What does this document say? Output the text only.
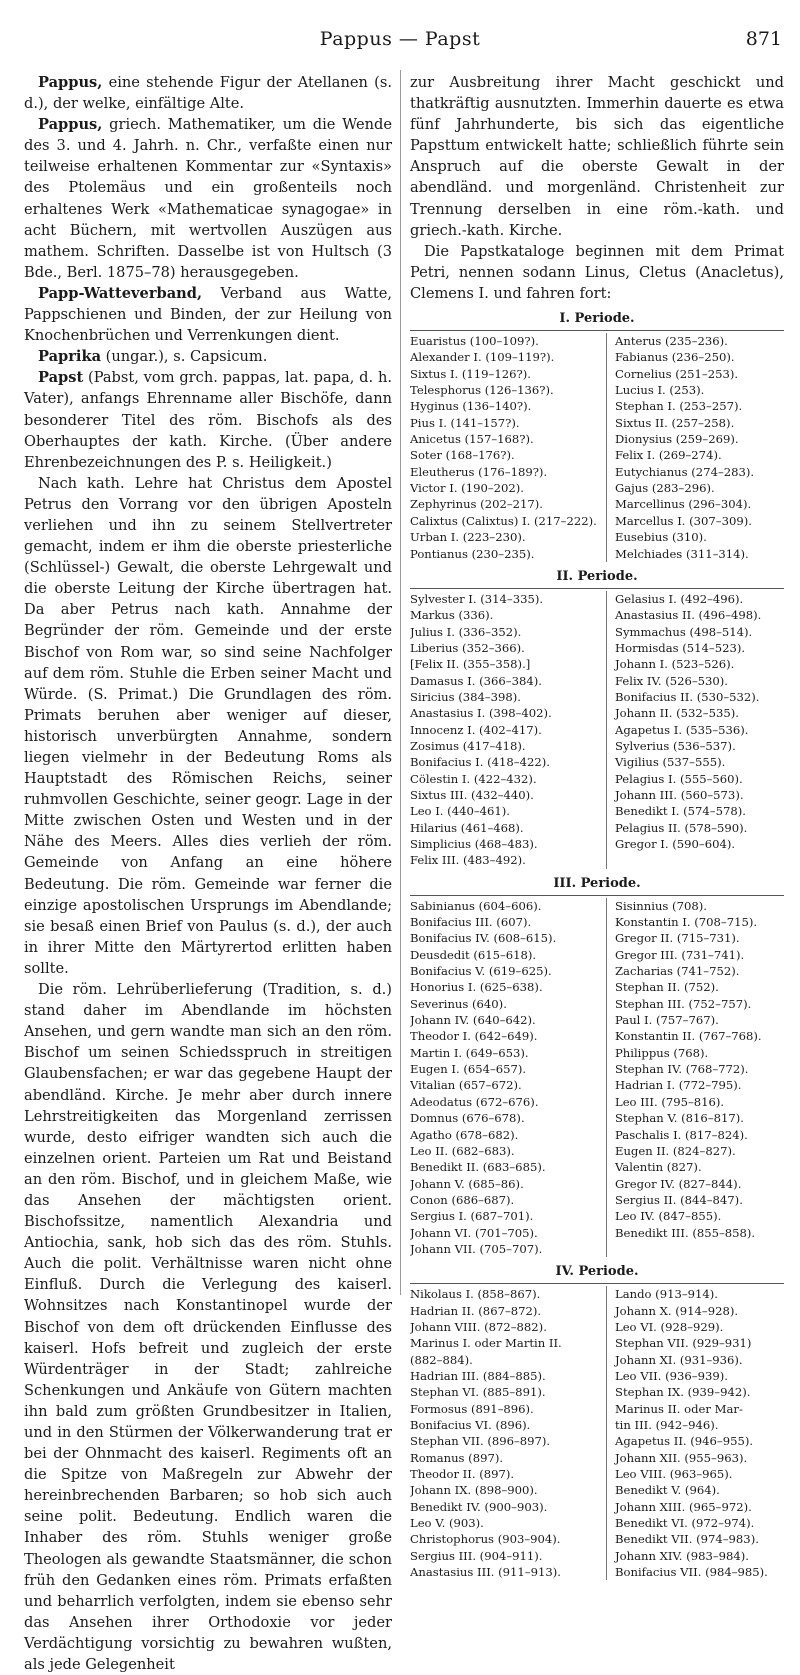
Pappus — Papst	871

Pappus, eine stehende Figur der Atellanen (s. d.), der welke, einfältige Alte.

Pappus, griech. Mathematiker, um die Wende des 3. und 4. Jahrh. n. Chr., verfaßte einen nur teilweise erhaltenen Kommentar zur «Syntaxis» des Ptolemäus und ein großenteils noch erhaltenes Werk «Mathematicae synagogae» in acht Büchern, mit wertvollen Auszügen aus mathem. Schriften. Dasselbe ist von Hultsch (3 Bde., Berl. 1875–78) herausgegeben.

Papp-Watteverband, Verband aus Watte, Pappschienen und Binden, der zur Heilung von Knochenbrüchen und Verrenkungen dient.

Paprika (ungar.), s. Capsicum.

Papst (Pabst, vom grch. pappas, lat. papa, d. h. Vater), anfangs Ehrenname aller Bischöfe, dann besonderer Titel des röm. Bischofs als des Oberhauptes der kath. Kirche. (Über andere Ehrenbezeichnungen des P. s. Heiligkeit.)

Nach kath. Lehre hat Christus dem Apostel Petrus den Vorrang vor den übrigen Aposteln verliehen und ihn zu seinem Stellvertreter gemacht, indem er ihm die oberste priesterliche (Schlüssel-) Gewalt, die oberste Lehrgewalt und die oberste Leitung der Kirche übertragen hat. Da aber Petrus nach kath. Annahme der Begründer der röm. Gemeinde und der erste Bischof von Rom war, so sind seine Nachfolger auf dem röm. Stuhle die Erben seiner Macht und Würde. (S. Primat.) Die Grundlagen des röm. Primats beruhen aber weniger auf dieser, historisch unverbürgten Annahme, sondern liegen vielmehr in der Bedeutung Roms als Hauptstadt des Römischen Reichs, seiner ruhmvollen Geschichte, seiner geogr. Lage in der Mitte zwischen Osten und Westen und in der Nähe des Meers. Alles dies verlieh der röm. Gemeinde von Anfang an eine höhere Bedeutung. Die röm. Gemeinde war ferner die einzige apostolischen Ursprungs im Abendlande; sie besaß einen Brief von Paulus (s. d.), der auch in ihrer Mitte den Märtyrertod erlitten haben sollte.

Die röm. Lehrüberlieferung (Tradition, s. d.) stand daher im Abendlande im höchsten Ansehen, und gern wandte man sich an den röm. Bischof um seinen Schiedsspruch in streitigen Glaubensfachen; er war das gegebene Haupt der abendländ. Kirche. Je mehr aber durch innere Lehrstreitigkeiten das Morgenland zerrissen wurde, desto eifriger wandten sich auch die einzelnen orient. Parteien um Rat und Beistand an den röm. Bischof, und in gleichem Maße, wie das Ansehen der mächtigsten orient. Bischofssitze, namentlich Alexandria und Antiochia, sank, hob sich das des röm. Stuhls. Auch die polit. Verhältnisse waren nicht ohne Einfluß. Durch die Verlegung des kaiserl. Wohnsitzes nach Konstantinopel wurde der Bischof von dem oft drückenden Einflusse des kaiserl. Hofs befreit und zugleich der erste Würdenträger in der Stadt; zahlreiche Schenkungen und Ankäufe von Gütern machten ihn bald zum größten Grundbesitzer in Italien, und in den Stürmen der Völkerwanderung trat er bei der Ohnmacht des kaiserl. Regiments oft an die Spitze von Maßregeln zur Abwehr der hereinbrechenden Barbaren; so hob sich auch seine polit. Bedeutung. Endlich waren die Inhaber des röm. Stuhls weniger große Theologen als gewandte Staatsmänner, die schon früh den Gedanken eines röm. Primats erfaßten und beharrlich verfolgten, indem sie ebenso sehr das Ansehen ihrer Orthodoxie vor jeder Verdächtigung vorsichtig zu bewahren wußten, als jede Gelegenheit

zur Ausbreitung ihrer Macht geschickt und thatkräftig ausnutzten. Immerhin dauerte es etwa fünf Jahrhunderte, bis sich das eigentliche Papsttum entwickelt hatte; schließlich führte sein Anspruch auf die oberste Gewalt in der abendländ. und morgenländ. Christenheit zur Trennung derselben in eine röm.-kath. und griech.-kath. Kirche.

Die Papstkataloge beginnen mit dem Primat Petri, nennen sodann Linus, Cletus (Anacletus), Clemens I. und fahren fort:

I. Periode.
Euaristus (100–109?).	Anterus (235–236).
Alexander I. (109–119?).	Fabianus (236–250).
Sixtus I. (119–126?).	Cornelius (251–253).
Telesphorus (126–136?).	Lucius I. (253).
Hyginus (136–140?).	Stephan I. (253–257).
Pius I. (141–157?).	Sixtus II. (257–258).
Anicetus (157–168?).	Dionysius (259–269).
Soter (168–176?).	Felix I. (269–274).
Eleutherus (176–189?).	Eutychianus (274–283).
Victor I. (190–202).	Gajus (283–296).
Zephyrinus (202–217).	Marcellinus (296–304).
Calixtus (Calixtus) I. (217–222).	Marcellus I. (307–309).
Urban I. (223–230).	Eusebius (310).
Pontianus (230–235).	Melchiades (311–314).
II. Periode.
Sylvester I. (314–335).	Gelasius I. (492–496).
Markus (336).	Anastasius II. (496–498).
Julius I. (336–352).	Symmachus (498–514).
Liberius (352–366).	Hormisdas (514–523).
[Felix II. (355–358).]	Johann I. (523–526).
Damasus I. (366–384).	Felix IV. (526–530).
Siricius (384–398).	Bonifacius II. (530–532).
Anastasius I. (398–402).	Johann II. (532–535).
Innocenz I. (402–417).	Agapetus I. (535–536).
Zosimus (417–418).	Sylverius (536–537).
Bonifacius I. (418–422).	Vigilius (537–555).
Cölestin I. (422–432).	Pelagius I. (555–560).
Sixtus III. (432–440).	Johann III. (560–573).
Leo I. (440–461).	Benedikt I. (574–578).
Hilarius (461–468).	Pelagius II. (578–590).
Simplicius (468–483).	Gregor I. (590–604).
Felix III. (483–492).
III. Periode.
Sabinianus (604–606).	Sisinnius (708).
Bonifacius III. (607).	Konstantin I. (708–715).
Bonifacius IV. (608–615).	Gregor II. (715–731).
Deusdedit (615–618).	Gregor III. (731–741).
Bonifacius V. (619–625).	Zacharias (741–752).
Honorius I. (625–638).	Stephan II. (752).
Severinus (640).	Stephan III. (752–757).
Johann IV. (640–642).	Paul I. (757–767).
Theodor I. (642–649).	Konstantin II. (767–768).
Martin I. (649–653).	Philippus (768).
Eugen I. (654–657).	Stephan IV. (768–772).
Vitalian (657–672).	Hadrian I. (772–795).
Adeodatus (672–676).	Leo III. (795–816).
Domnus (676–678).	Stephan V. (816–817).
Agatho (678–682).	Paschalis I. (817–824).
Leo II. (682–683).	Eugen II. (824–827).
Benedikt II. (683–685).	Valentin (827).
Johann V. (685–86).	Gregor IV. (827–844).
Conon (686–687).	Sergius II. (844–847).
Sergius I. (687–701).	Leo IV. (847–855).
Johann VI. (701–705).	Benedikt III. (855–858).
Johann VII. (705–707).
IV. Periode.
Nikolaus I. (858–867).	Lando (913–914).
Hadrian II. (867–872).	Johann X. (914–928).
Johann VIII. (872–882).	Leo VI. (928–929).
Marinus I. oder Martin II.	Stephan VII. (929–931)
(882–884).	Johann XI. (931–936).
Hadrian III. (884–885).	Leo VII. (936–939).
Stephan VI. (885–891).	Stephan IX. (939–942).
Formosus (891–896).	Marinus II. oder Mar-
Bonifacius VI. (896).	tin III. (942–946).
Stephan VII. (896–897).	Agapetus II. (946–955).
Romanus (897).	Johann XII. (955–963).
Theodor II. (897).	Leo VIII. (963–965).
Johann IX. (898–900).	Benedikt V. (964).
Benedikt IV. (900–903).	Johann XIII. (965–972).
Leo V. (903).	Benedikt VI. (972–974).
Christophorus (903–904).	Benedikt VII. (974–983).
Sergius III. (904–911).	Johann XIV. (983–984).
Anastasius III. (911–913).	Bonifacius VII. (984–985).
